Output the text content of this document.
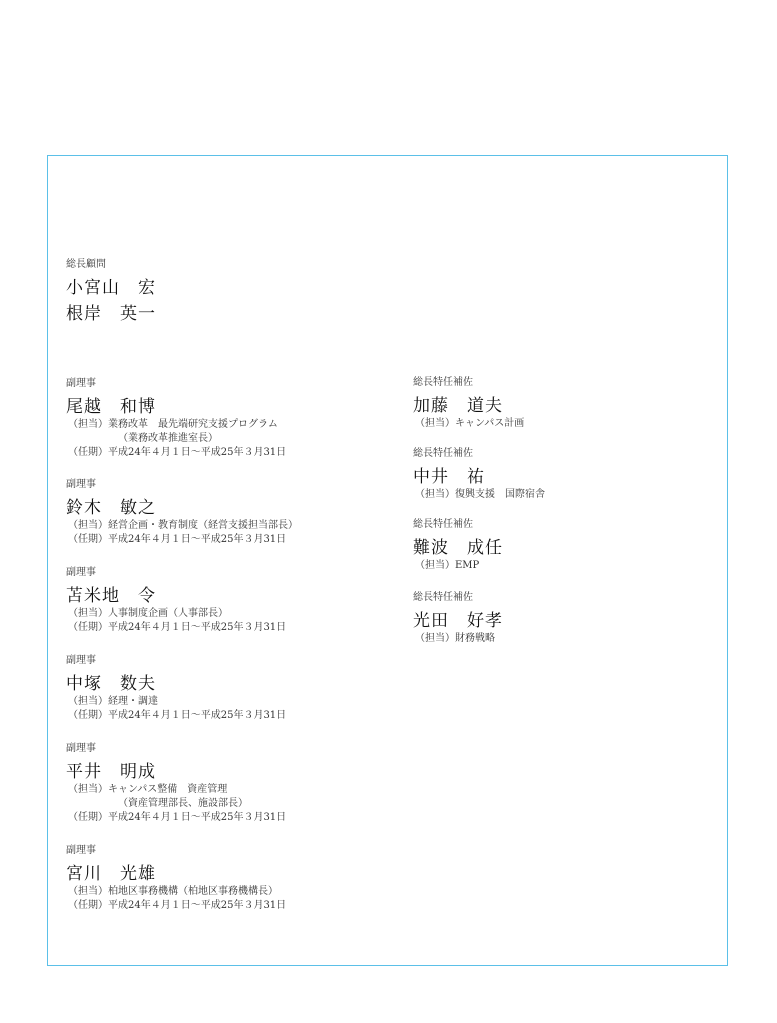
総長顧問
小宮山　宏
根岸　英一
副理事
尾越　和博
（担当）業務改革　最先端研究支援プログラム
（業務改革推進室長）
（任期）平成24年４月１日～平成25年３月31日
副理事
鈴木　敏之
（担当）経営企画・教育制度（経営支援担当部長）
（任期）平成24年４月１日～平成25年３月31日
副理事
苫米地　令
（担当）人事制度企画（人事部長）
（任期）平成24年４月１日～平成25年３月31日
副理事
中塚　数夫
（担当）経理・調達
（任期）平成24年４月１日～平成25年３月31日
副理事
平井　明成
（担当）キャンパス整備　資産管理
（資産管理部長、施設部長）
（任期）平成24年４月１日～平成25年３月31日
副理事
宮川　光雄
（担当）柏地区事務機構（柏地区事務機構長）
（任期）平成24年４月１日～平成25年３月31日
総長特任補佐
加藤　道夫
（担当）キャンパス計画
総長特任補佐
中井　祐
（担当）復興支援　国際宿舎
総長特任補佐
難波　成任
（担当）EMP
総長特任補佐
光田　好孝
（担当）財務戦略
